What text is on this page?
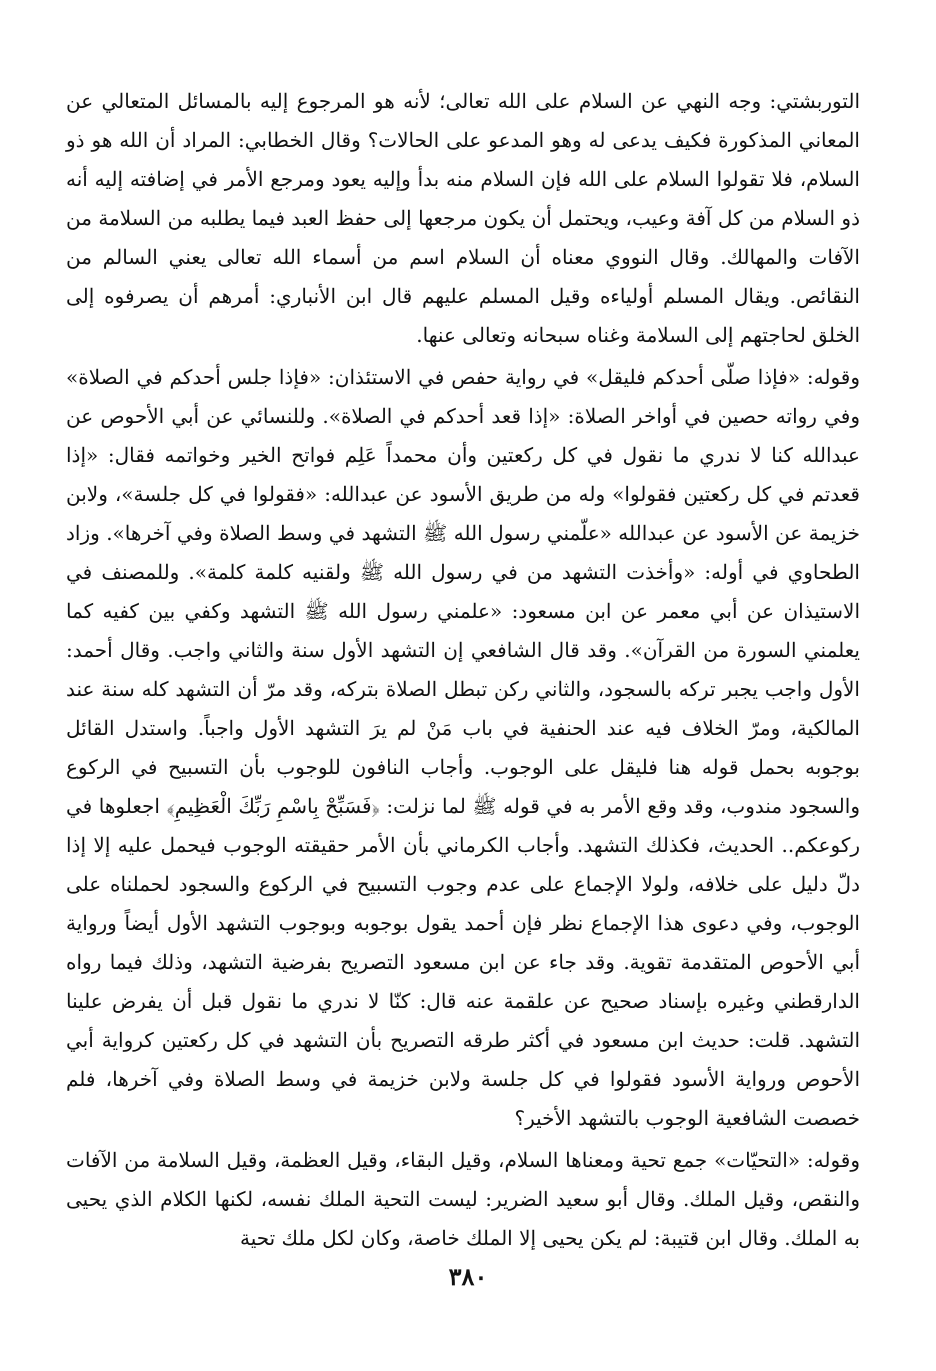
التوربشتي: وجه النهي عن السلام على الله تعالى؛ لأنه هو المرجوع إليه بالمسائل المتعالي عن المعاني المذكورة فكيف يدعى له وهو المدعو على الحالات؟ وقال الخطابي: المراد أن الله هو ذو السلام، فلا تقولوا السلام على الله فإن السلام منه بدأ وإليه يعود ومرجع الأمر في إضافته إليه أنه ذو السلام من كل آفة وعيب، ويحتمل أن يكون مرجعها إلى حفظ العبد فيما يطلبه من السلامة من الآفات والمهالك. وقال النووي معناه أن السلام اسم من أسماء الله تعالى يعني السالم من النقائص. ويقال المسلم أولياءه وقيل المسلم عليهم قال ابن الأنباري: أمرهم أن يصرفوه إلى الخلق لحاجتهم إلى السلامة وغناه سبحانه وتعالى عنها.

وقوله: «فإذا صلّى أحدكم فليقل» في رواية حفص في الاستئذان: «فإذا جلس أحدكم في الصلاة» وفي رواته حصين في أواخر الصلاة: «إذا قعد أحدكم في الصلاة». وللنسائي عن أبي الأحوص عن عبدالله كنا لا ندري ما نقول في كل ركعتين وأن محمداً عَلِم فواتح الخير وخواتمه فقال: «إذا قعدتم في كل ركعتين فقولوا» وله من طريق الأسود عن عبدالله: «فقولوا في كل جلسة»، ولابن خزيمة عن الأسود عن عبدالله «علّمني رسول الله ﷺ التشهد في وسط الصلاة وفي آخرها». وزاد الطحاوي في أوله: «وأخذت التشهد من في رسول الله ﷺ ولقنيه كلمة كلمة». وللمصنف في الاستيذان عن أبي معمر عن ابن مسعود: «علمني رسول الله ﷺ التشهد وكفي بين كفيه كما يعلمني السورة من القرآن». وقد قال الشافعي إن التشهد الأول سنة والثاني واجب. وقال أحمد: الأول واجب يجبر تركه بالسجود، والثاني ركن تبطل الصلاة بتركه، وقد مرّ أن التشهد كله سنة عند المالكية، ومرّ الخلاف فيه عند الحنفية في باب مَنْ لم يرَ التشهد الأول واجباً. واستدل القائل بوجوبه بحمل قوله هنا فليقل على الوجوب. وأجاب النافون للوجوب بأن التسبيح في الركوع والسجود مندوب، وقد وقع الأمر به في قوله ﷺ لما نزلت: ﴿فَسَبِّحْ بِاسْمِ رَبِّكَ الْعَظِيمِ﴾ اجعلوها في ركوعكم.. الحديث، فكذلك التشهد. وأجاب الكرماني بأن الأمر حقيقته الوجوب فيحمل عليه إلا إذا دلّ دليل على خلافه، ولولا الإجماع على عدم وجوب التسبيح في الركوع والسجود لحملناه على الوجوب، وفي دعوى هذا الإجماع نظر فإن أحمد يقول بوجوبه وبوجوب التشهد الأول أيضاً ورواية أبي الأحوص المتقدمة تقوية. وقد جاء عن ابن مسعود التصريح بفرضية التشهد، وذلك فيما رواه الدارقطني وغيره بإسناد صحيح عن علقمة عنه قال: كنّا لا ندري ما نقول قبل أن يفرض علينا التشهد. قلت: حديث ابن مسعود في أكثر طرقه التصريح بأن التشهد في كل ركعتين كرواية أبي الأحوص ورواية الأسود فقولوا في كل جلسة ولابن خزيمة في وسط الصلاة وفي آخرها، فلم خصصت الشافعية الوجوب بالتشهد الأخير؟

وقوله: «التحيّات» جمع تحية ومعناها السلام، وقيل البقاء، وقيل العظمة، وقيل السلامة من الآفات والنقص، وقيل الملك. وقال أبو سعيد الضرير: ليست التحية الملك نفسه، لكنها الكلام الذي يحيى به الملك. وقال ابن قتيبة: لم يكن يحيى إلا الملك خاصة، وكان لكل ملك تحية

٣٨٠
